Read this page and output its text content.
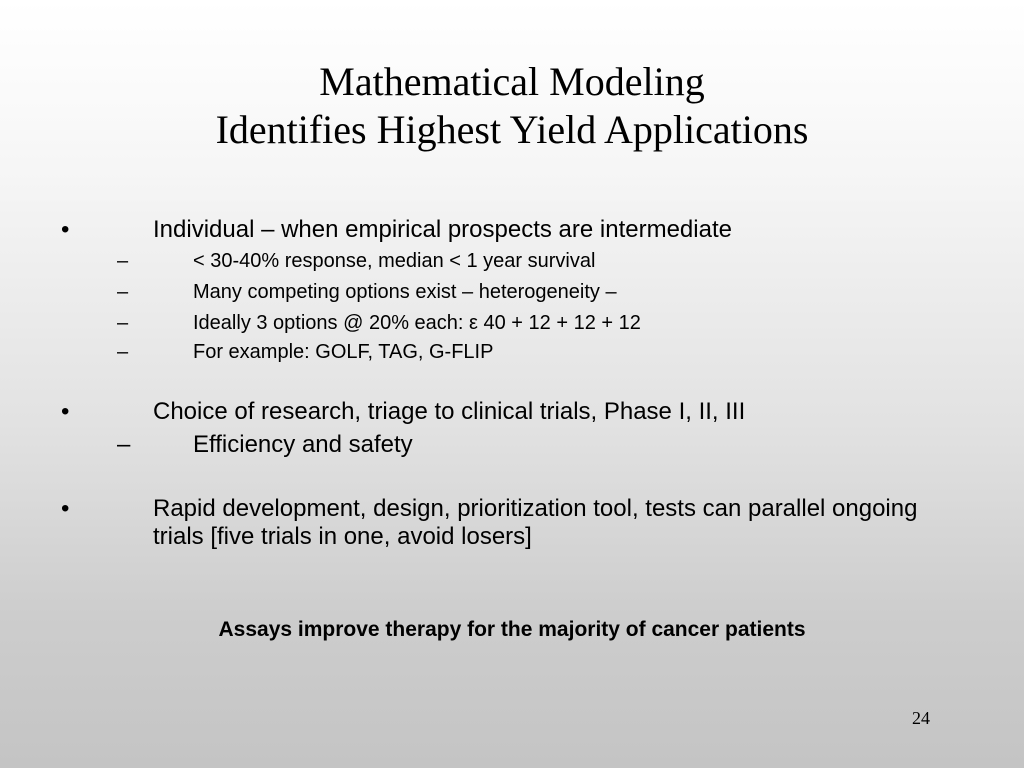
Mathematical Modeling
Identifies Highest Yield Applications
•	Individual – when empirical prospects are intermediate
–	< 30-40% response, median < 1 year survival
–	Many competing options exist – heterogeneity –
–	Ideally 3 options @ 20% each: ε 40 + 12 + 12 + 12
–	For example: GOLF, TAG, G-FLIP
•	Choice of research, triage to clinical trials, Phase I, II, III
–	Efficiency and safety
•	Rapid development, design, prioritization tool, tests can parallel ongoing trials [five trials in one, avoid losers]
Assays improve therapy for the majority of cancer patients
24
